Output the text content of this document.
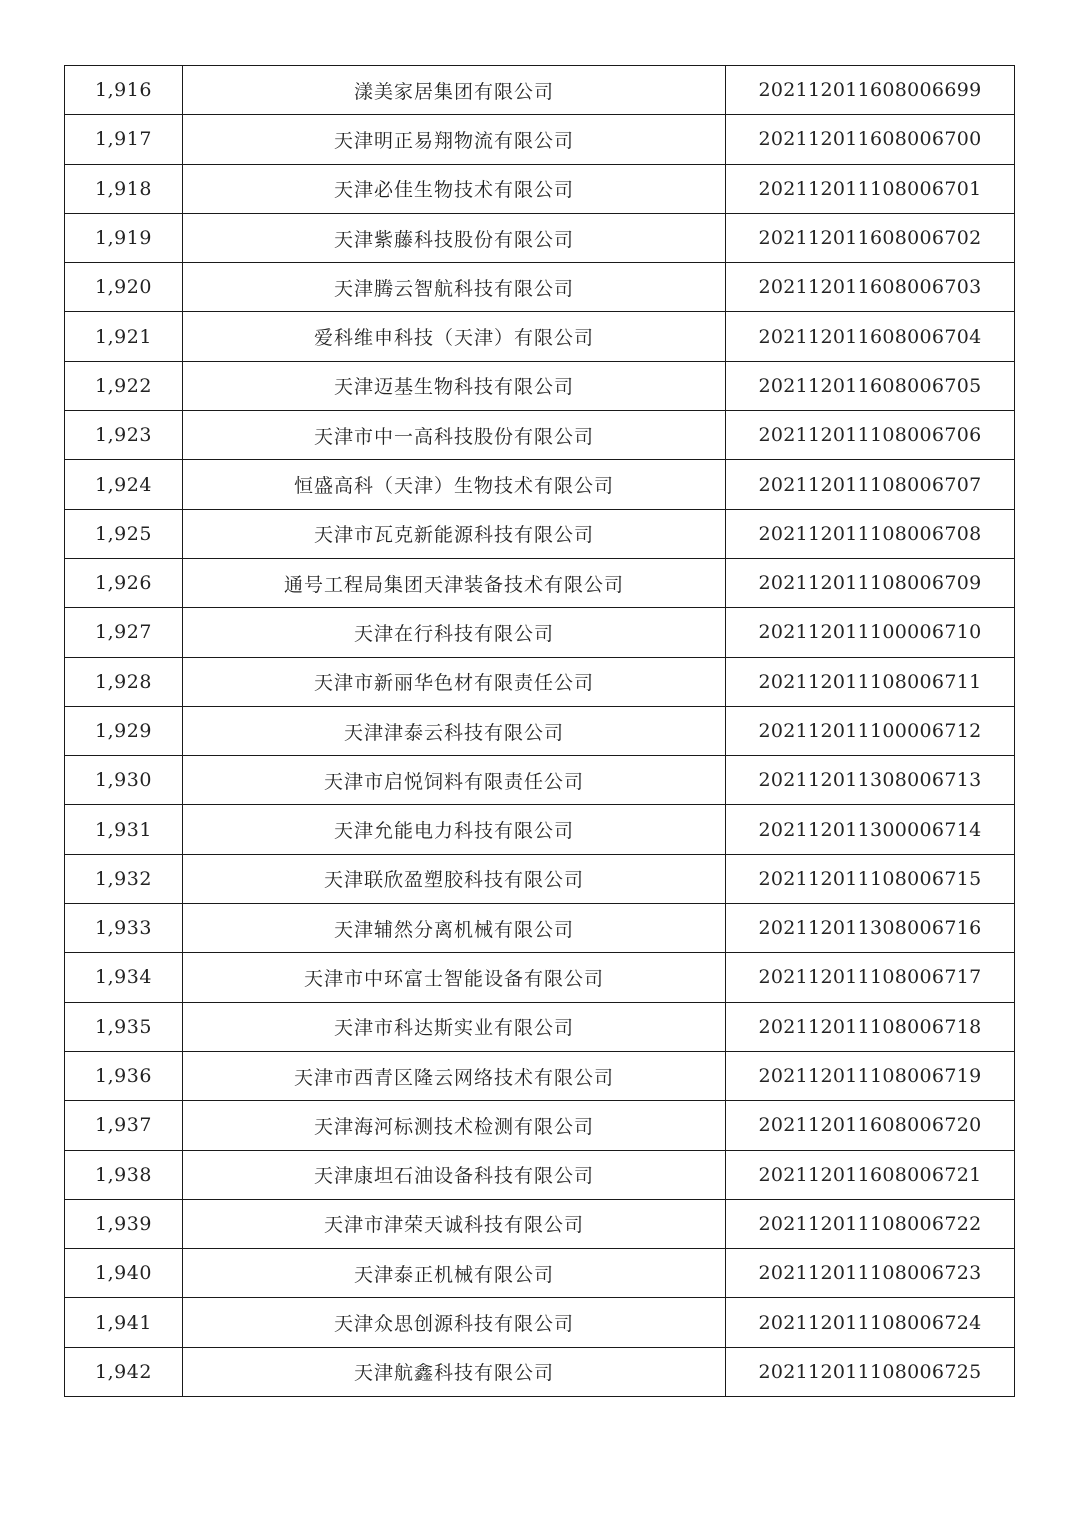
1,916	漾美家居集团有限公司	202112011608006699
1,917	天津明正易翔物流有限公司	202112011608006700
1,918	天津必佳生物技术有限公司	202112011108006701
1,919	天津紫藤科技股份有限公司	202112011608006702
1,920	天津腾云智航科技有限公司	202112011608006703
1,921	爱科维申科技（天津）有限公司	202112011608006704
1,922	天津迈基生物科技有限公司	202112011608006705
1,923	天津市中一高科技股份有限公司	202112011108006706
1,924	恒盛高科（天津）生物技术有限公司	202112011108006707
1,925	天津市瓦克新能源科技有限公司	202112011108006708
1,926	通号工程局集团天津装备技术有限公司	202112011108006709
1,927	天津在行科技有限公司	202112011100006710
1,928	天津市新丽华色材有限责任公司	202112011108006711
1,929	天津津泰云科技有限公司	202112011100006712
1,930	天津市启悦饲料有限责任公司	202112011308006713
1,931	天津允能电力科技有限公司	202112011300006714
1,932	天津联欣盈塑胶科技有限公司	202112011108006715
1,933	天津辅然分离机械有限公司	202112011308006716
1,934	天津市中环富士智能设备有限公司	202112011108006717
1,935	天津市科达斯实业有限公司	202112011108006718
1,936	天津市西青区隆云网络技术有限公司	202112011108006719
1,937	天津海河标测技术检测有限公司	202112011608006720
1,938	天津康坦石油设备科技有限公司	202112011608006721
1,939	天津市津荣天诚科技有限公司	202112011108006722
1,940	天津泰正机械有限公司	202112011108006723
1,941	天津众思创源科技有限公司	202112011108006724
1,942	天津航鑫科技有限公司	202112011108006725
